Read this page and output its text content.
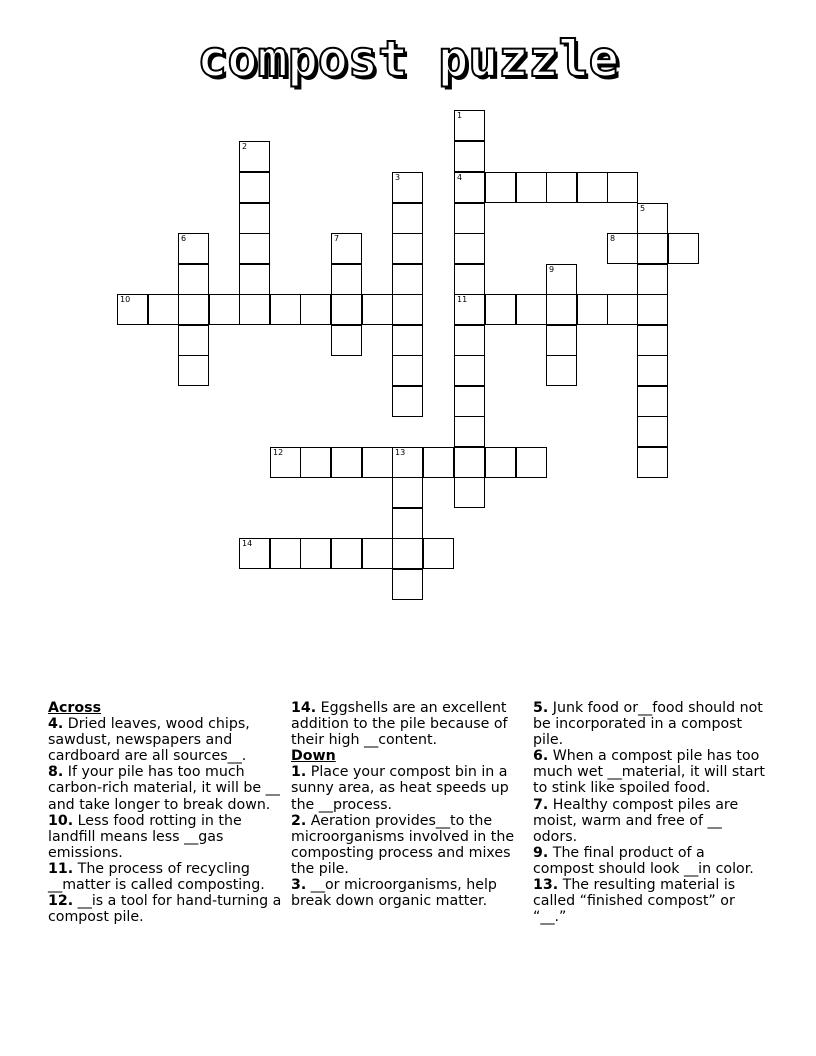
compost puzzle
1
4
11
2
3
5
6	7	8
9
10
12	13
14
Across
4. Dried leaves, wood chips, sawdust, newspapers and cardboard are all sources__.
8. If your pile has too much carbon-rich material, it will be __ and take longer to break down.
10. Less food rotting in the landfill means less __gas emissions.
11. The process of recycling __matter is called composting.
12. __is a tool for hand-turning a compost pile.
14. Eggshells are an excellent addition to the pile because of their high __content.
Down
1. Place your compost bin in a sunny area, as heat speeds up the __process.
2. Aeration provides__to the microorganisms involved in the composting process and mixes the pile.
3. __or microorganisms, help break down organic matter.
5. Junk food or__food should not be incorporated in a compost pile.
6. When a compost pile has too much wet __material, it will start to stink like spoiled food.
7. Healthy compost piles are moist, warm and free of __ odors.
9. The final product of a compost should look __in color.
13. The resulting material is called “finished compost” or “__.”
